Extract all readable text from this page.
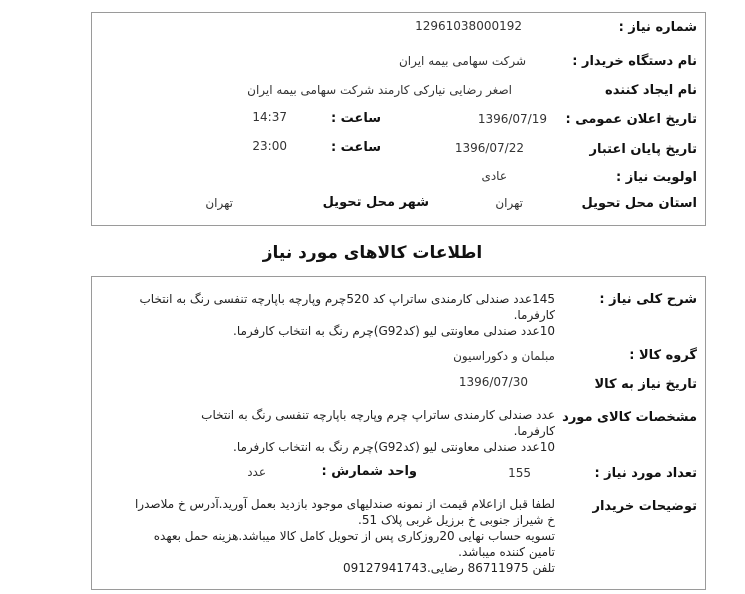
شماره نیاز :
12961038000192
نام دستگاه خریدار :
شرکت سهامی بیمه ایران
نام ایجاد کننده
اصغر رضایی نیارکی کارمند شرکت سهامی بیمه ایران
تاریخ اعلان عمومی :
1396/07/19
ساعت :
14:37
تاریخ پایان اعتبار
1396/07/22
ساعت :
23:00
اولویت نیاز :
عادی
استان محل تحویل
تهران
شهر محل تحویل
تهران
اطلاعات کالاهای مورد نیاز
شرح کلی نیاز :
145عدد صندلی کارمندی ساتراپ کد 520چرم وپارچه باپارچه تنفسی رنگ به انتخاب
کارفرما.
10عدد صندلی معاونتی لیو (کدG92)چرم رنگ به انتخاب کارفرما.
گروه کالا :
مبلمان و دکوراسیون
تاریخ نیاز به کالا
1396/07/30
مشخصات کالای مورد
عدد صندلی کارمندی ساتراپ چرم وپارچه باپارچه تنفسی رنگ به انتخاب
کارفرما.
10عدد صندلی معاونتی لیو (کدG92)چرم رنگ به انتخاب کارفرما.
تعداد مورد نیاز :
155
واحد شمارش :
عدد
توضیحات خریدار
لطفا قبل ازاعلام قیمت از نمونه صندلیهای موجود بازدید بعمل آورید.آدرس خ ملاصدرا
خ شیراز جنوبی خ برزیل غربی پلاک 51.
تسویه حساب نهایی 20روزکاری پس از تحویل کامل کالا میباشد.هزینه حمل بعهده
تامین کننده میباشد.
تلفن 86711975 رضایی.09127941743
